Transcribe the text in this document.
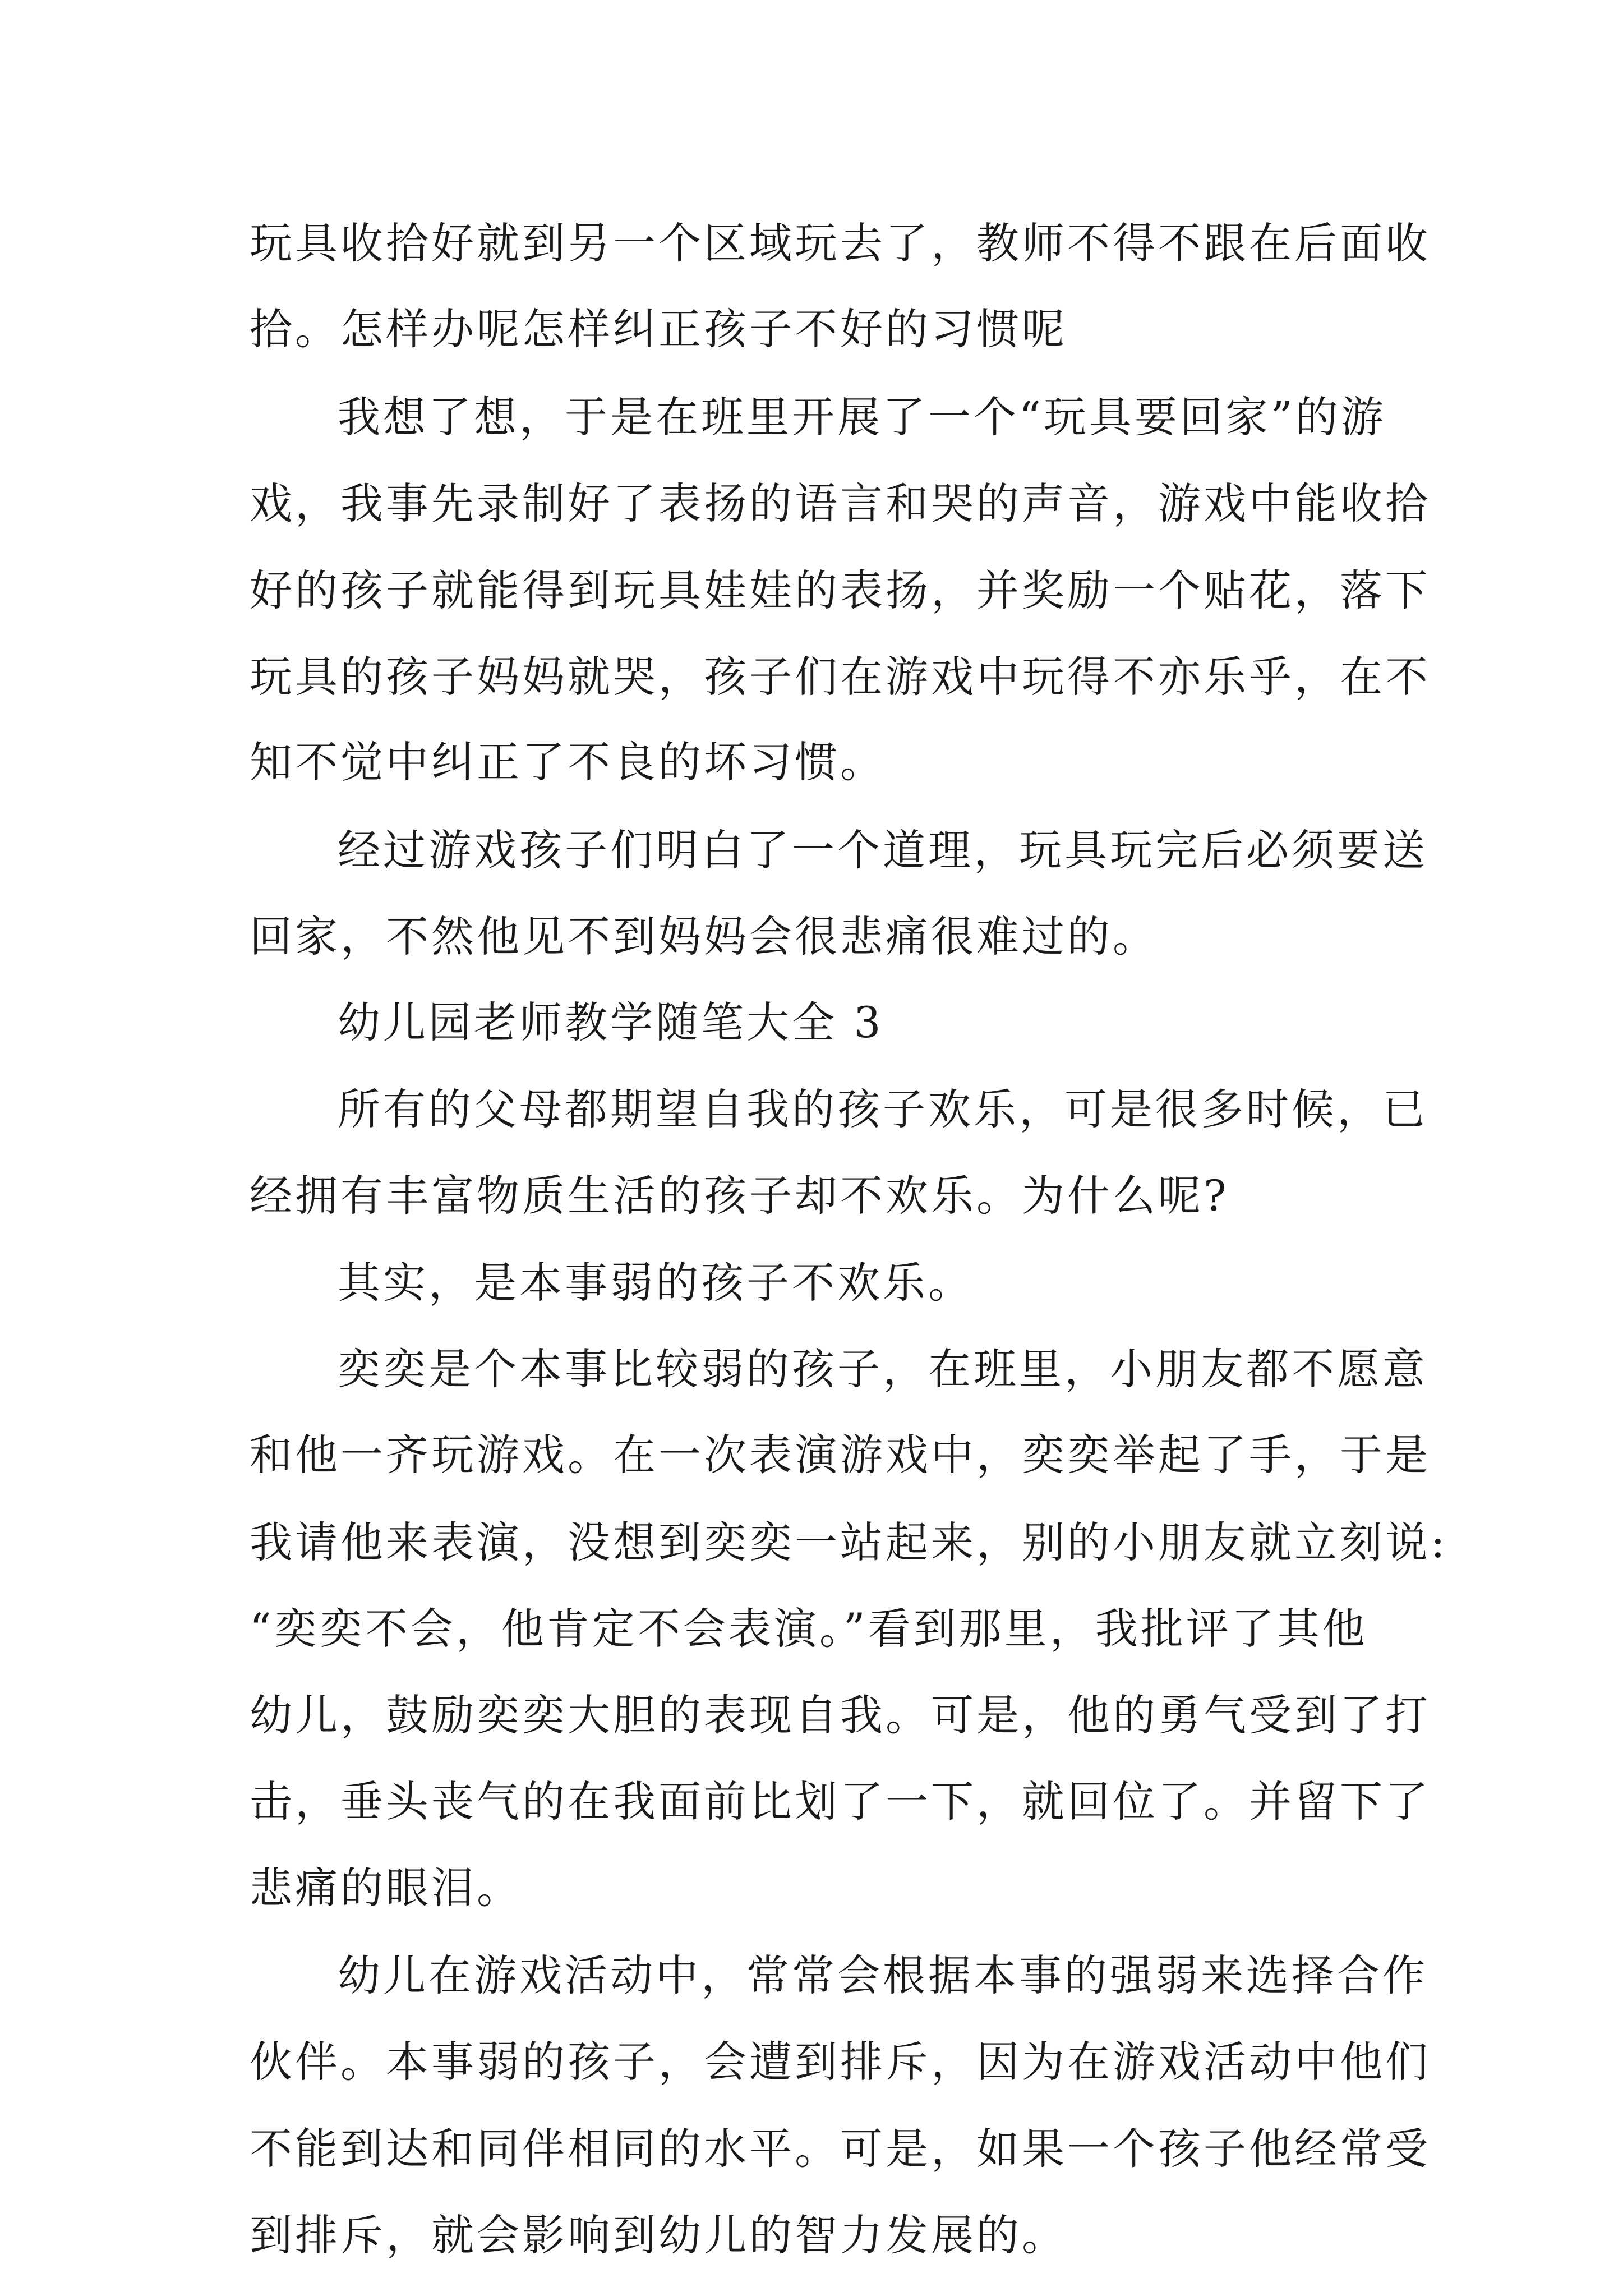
玩具收拾好就到另一个区域玩去了，教师不得不跟在后面收
拾。怎样办呢怎样纠正孩子不好的习惯呢
我想了想，于是在班里开展了一个“玩具要回家”的游
戏，我事先录制好了表扬的语言和哭的声音，游戏中能收拾
好的孩子就能得到玩具娃娃的表扬，并奖励一个贴花，落下
玩具的孩子妈妈就哭，孩子们在游戏中玩得不亦乐乎，在不
知不觉中纠正了不良的坏习惯。
经过游戏孩子们明白了一个道理，玩具玩完后必须要送
回家，不然他见不到妈妈会很悲痛很难过的。
幼儿园老师教学随笔大全 3
所有的父母都期望自我的孩子欢乐，可是很多时候，已
经拥有丰富物质生活的孩子却不欢乐。为什么呢?
其实，是本事弱的孩子不欢乐。
奕奕是个本事比较弱的孩子，在班里，小朋友都不愿意
和他一齐玩游戏。在一次表演游戏中，奕奕举起了手，于是
我请他来表演，没想到奕奕一站起来，别的小朋友就立刻说:
“奕奕不会，他肯定不会表演。”看到那里，我批评了其他
幼儿，鼓励奕奕大胆的表现自我。可是，他的勇气受到了打
击，垂头丧气的在我面前比划了一下，就回位了。并留下了
悲痛的眼泪。
幼儿在游戏活动中，常常会根据本事的强弱来选择合作
伙伴。本事弱的孩子，会遭到排斥，因为在游戏活动中他们
不能到达和同伴相同的水平。可是，如果一个孩子他经常受
到排斥，就会影响到幼儿的智力发展的。
